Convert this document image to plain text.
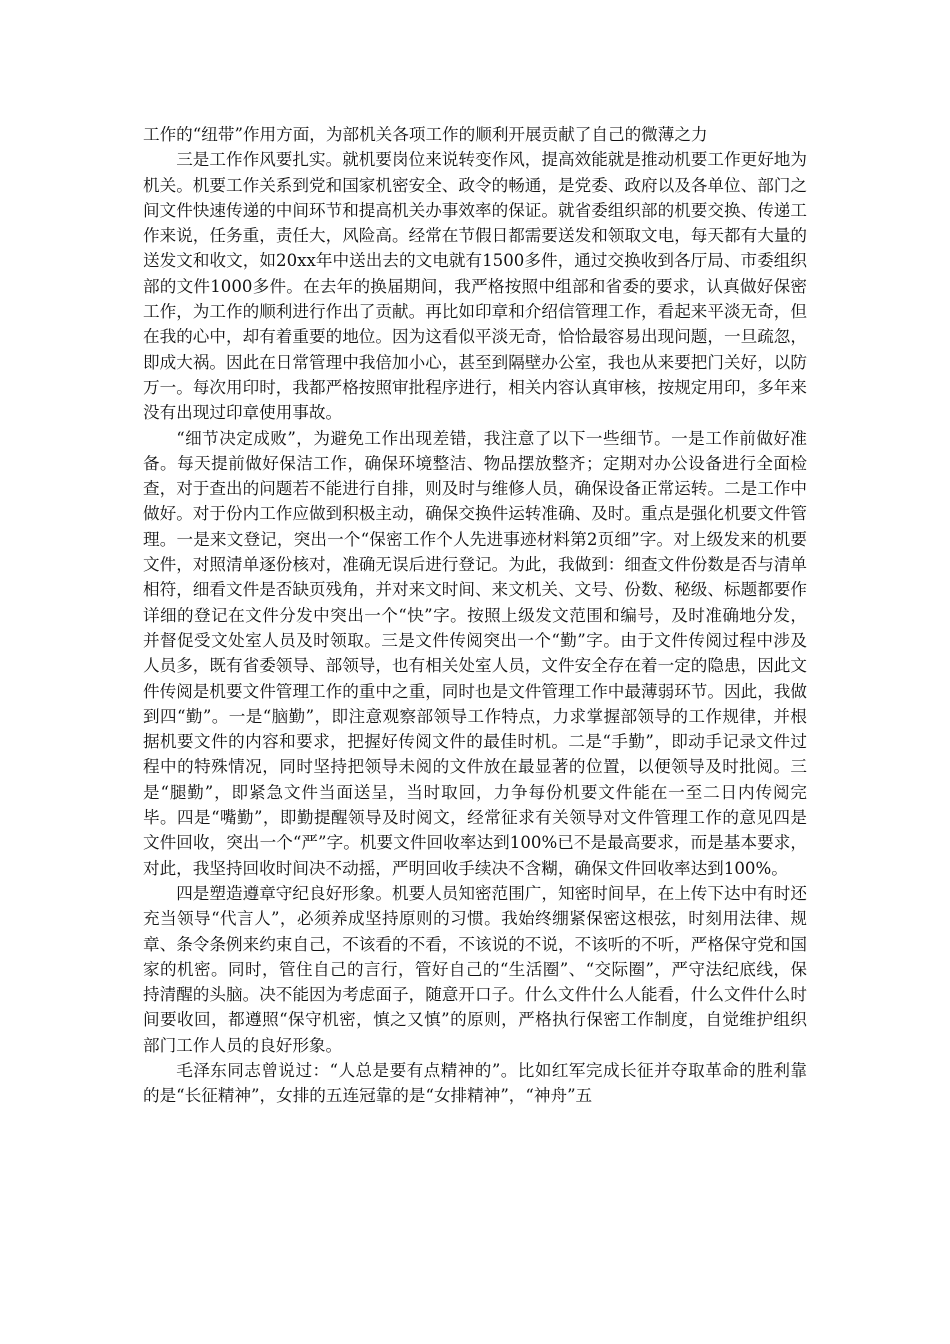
工作的“纽带”作用方面，为部机关各项工作的顺利开展贡献了自己的微薄之力

三是工作作风要扎实。就机要岗位来说转变作风，提高效能就是推动机要工作更好地为机关。机要工作关系到党和国家机密安全、政令的畅通，是党委、政府以及各单位、部门之间文件快速传递的中间环节和提高机关办事效率的保证。就省委组织部的机要交换、传递工作来说，任务重，责任大，风险高。经常在节假日都需要送发和领取文电，每天都有大量的送发文和收文，如20xx年中送出去的文电就有1500多件，通过交换收到各厅局、市委组织部的文件1000多件。在去年的换届期间，我严格按照中组部和省委的要求，认真做好保密工作，为工作的顺利进行作出了贡献。再比如印章和介绍信管理工作，看起来平淡无奇，但在我的心中，却有着重要的地位。因为这看似平淡无奇，恰恰最容易出现问题，一旦疏忽，即成大祸。因此在日常管理中我倍加小心，甚至到隔壁办公室，我也从来要把门关好，以防万一。每次用印时，我都严格按照审批程序进行，相关内容认真审核，按规定用印，多年来没有出现过印章使用事故。

“细节决定成败”，为避免工作出现差错，我注意了以下一些细节。一是工作前做好准备。每天提前做好保洁工作，确保环境整洁、物品摆放整齐；定期对办公设备进行全面检查，对于查出的问题若不能进行自排，则及时与维修人员，确保设备正常运转。二是工作中做好。对于份内工作应做到积极主动，确保交换件运转准确、及时。重点是强化机要文件管理。一是来文登记，突出一个“保密工作个人先进事迹材料第2页细”字。对上级发来的机要文件，对照清单逐份核对，准确无误后进行登记。为此，我做到：细查文件份数是否与清单相符，细看文件是否缺页残角，并对来文时间、来文机关、文号、份数、秘级、标题都要作详细的登记在文件分发中突出一个“快”字。按照上级发文范围和编号，及时准确地分发，并督促受文处室人员及时领取。三是文件传阅突出一个“勤”字。由于文件传阅过程中涉及人员多，既有省委领导、部领导，也有相关处室人员，文件安全存在着一定的隐患，因此文件传阅是机要文件管理工作的重中之重，同时也是文件管理工作中最薄弱环节。因此，我做到四“勤”。一是“脑勤”，即注意观察部领导工作特点，力求掌握部领导的工作规律，并根据机要文件的内容和要求，把握好传阅文件的最佳时机。二是“手勤”，即动手记录文件过程中的特殊情况，同时坚持把领导未阅的文件放在最显著的位置，以便领导及时批阅。三是“腿勤”，即紧急文件当面送呈，当时取回，力争每份机要文件能在一至二日内传阅完毕。四是“嘴勤”，即勤提醒领导及时阅文，经常征求有关领导对文件管理工作的意见四是文件回收，突出一个“严”字。机要文件回收率达到100%已不是最高要求，而是基本要求，对此，我坚持回收时间决不动摇，严明回收手续决不含糊，确保文件回收率达到100%。

四是塑造遵章守纪良好形象。机要人员知密范围广，知密时间早，在上传下达中有时还充当领导“代言人”，必须养成坚持原则的习惯。我始终绷紧保密这根弦，时刻用法律、规章、条令条例来约束自己，不该看的不看，不该说的不说，不该听的不听，严格保守党和国家的机密。同时，管住自己的言行，管好自己的“生活圈”、“交际圈”，严守法纪底线，保持清醒的头脑。决不能因为考虑面子，随意开口子。什么文件什么人能看，什么文件什么时间要收回，都遵照“保守机密，慎之又慎”的原则，严格执行保密工作制度，自觉维护组织部门工作人员的良好形象。

毛泽东同志曾说过：“人总是要有点精神的”。比如红军完成长征并夺取革命的胜利靠的是“长征精神”，女排的五连冠靠的是“女排精神”，“神舟”五
